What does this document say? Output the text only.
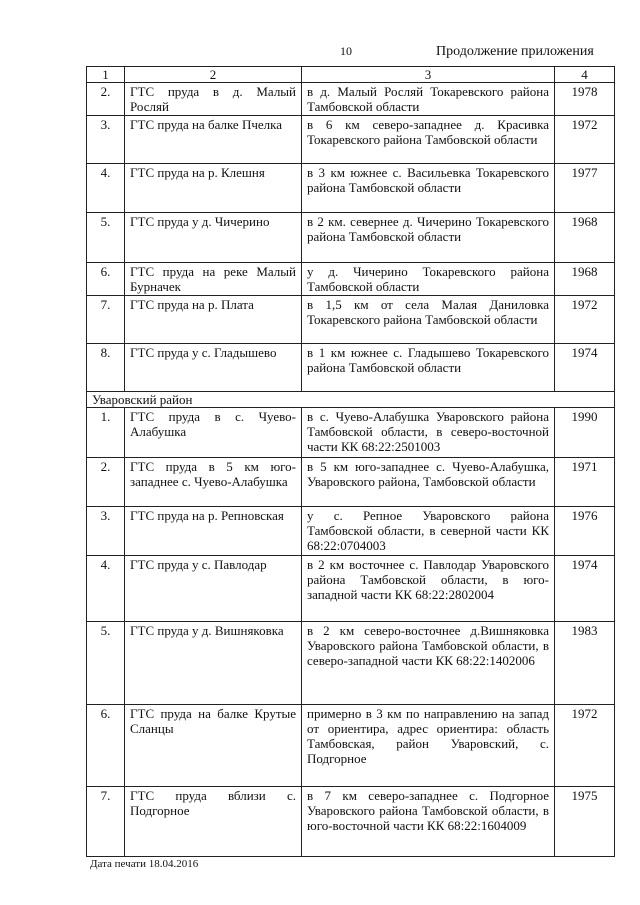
10	Продолжение приложения
1	2	3	4
2.	ГТС пруда в д. Малый Росляй	в д. Малый Росляй Токаревского района Тамбовской области	1978
3.	ГТС пруда на балке Пчелка	в 6 км северо-западнее д. Красивка Токаревского района Тамбовской области	1972
4.	ГТС пруда на р. Клешня	в 3 км южнее с. Васильевка Токаревского района Тамбовской области	1977
5.	ГТС пруда у д. Чичерино	в 2 км. севернее д. Чичерино Токаревского района Тамбовской области	1968
6.	ГТС пруда на реке Малый Бурначек	у д. Чичерино Токаревского района Тамбовской области	1968
7.	ГТС пруда на р. Плата	в 1,5 км от села Малая Даниловка Токаревского района Тамбовской области	1972
8.	ГТС пруда у с. Гладышево	в 1 км южнее с. Гладышево Токаревского района Тамбовской области	1974
Уваровский район			
1.	ГТС пруда в с. Чуево-Алабушка	в с. Чуево-Алабушка Уваровского района Тамбовской области, в северо-восточной части КК 68:22:2501003	1990
2.	ГТС пруда в 5 км юго-западнее с. Чуево-Алабушка	в 5 км юго-западнее с. Чуево-Алабушка, Уваровского района, Тамбовской области	1971
3.	ГТС пруда на р. Репновская	у с. Репное Уваровского района Тамбовской области, в северной части КК 68:22:0704003	1976
4.	ГТС пруда у с. Павлодар	в 2 км восточнее с. Павлодар Уваровского района Тамбовской области, в юго-западной части КК 68:22:2802004	1974
5.	ГТС пруда у д. Вишняковка	в 2 км северо-восточнее д.Вишняковка Уваровского района Тамбовской области, в северо-западной части КК 68:22:1402006	1983
6.	ГТС пруда на балке Крутые Сланцы	примерно в 3 км по направлению на запад от ориентира, адрес ориентира: область Тамбовская, район Уваровский, с. Подгорное	1972
7.	ГТС пруда вблизи с. Подгорное	в 7 км северо-западнее с. Подгорное Уваровского района Тамбовской области, в юго-восточной части КК 68:22:1604009	1975
Дата печати 18.04.2016
